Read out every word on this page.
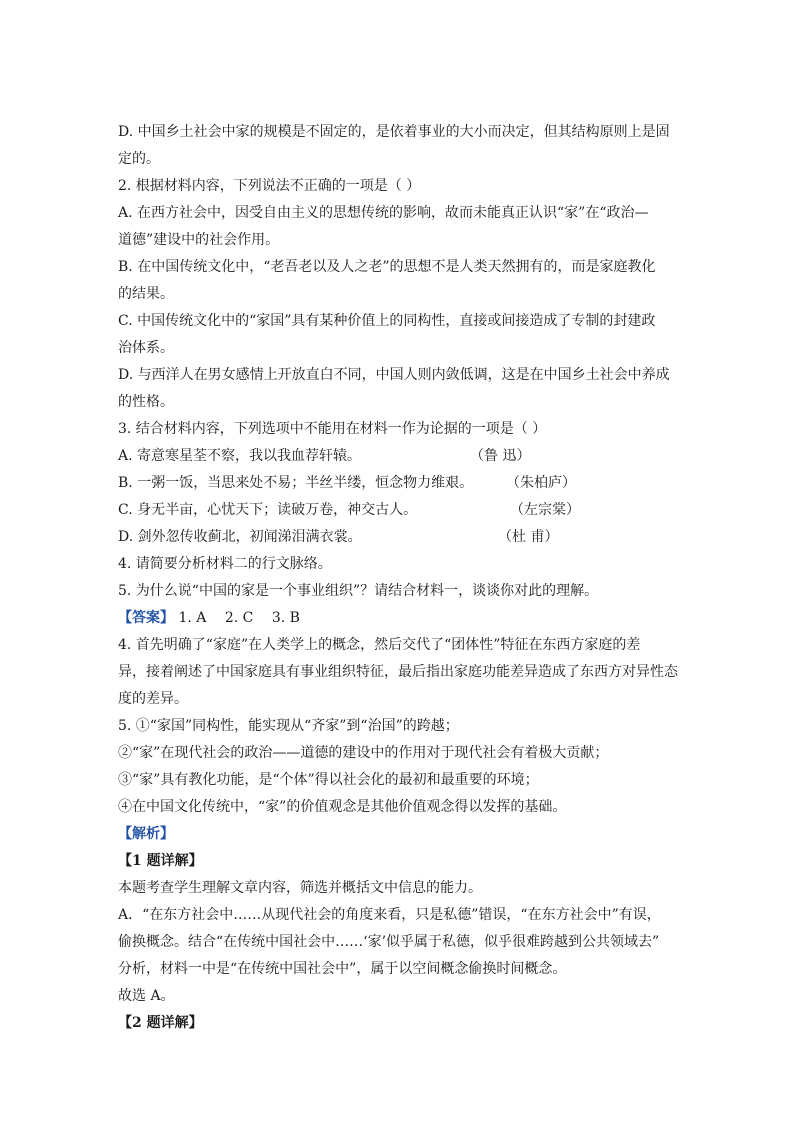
D. 中国乡土社会中家的规模是不固定的，是依着事业的大小而决定，但其结构原则上是固
定的。
2. 根据材料内容，下列说法不正确的一项是（ ）
A. 在西方社会中，因受自由主义的思想传统的影响，故而未能真正认识“家”在“政治—
道德”建设中的社会作用。
B. 在中国传统文化中，“老吾老以及人之老”的思想不是人类天然拥有的，而是家庭教化
的结果。
C. 中国传统文化中的“家国”具有某种价值上的同构性，直接或间接造成了专制的封建政
治体系。
D. 与西洋人在男女感情上开放直白不同，中国人则内敛低调，这是在中国乡土社会中养成
的性格。
3. 结合材料内容，下列选项中不能用在材料一作为论据的一项是（ ）
A. 寄意寒星荃不察，我以我血荐轩辕。	（鲁 迅）
B. 一粥一饭，当思来处不易；半丝半缕，恒念物力维艰。 （朱柏庐）
C. 身无半亩，心忧天下；读破万卷，神交古人。	（左宗棠）
D. 剑外忽传收蓟北，初闻涕泪满衣裳。	（杜 甫）
4. 请简要分析材料二的行文脉络。
5. 为什么说“中国的家是一个事业组织”？请结合材料一，谈谈你对此的理解。
【答案】 1. A 2. C 3. B
4. 首先明确了“家庭”在人类学上的概念，然后交代了“团体性”特征在东西方家庭的差
异，接着阐述了中国家庭具有事业组织特征，最后指出家庭功能差异造成了东西方对异性态
度的差异。
5. ①“家国”同构性，能实现从“齐家”到“治国”的跨越；
②“家”在现代社会的政治——道德的建设中的作用对于现代社会有着极大贡献；
③“家”具有教化功能，是“个体”得以社会化的最初和最重要的环境；
④在中国文化传统中，“家”的价值观念是其他价值观念得以发挥的基础。
【解析】
【1 题详解】
本题考查学生理解文章内容，筛选并概括文中信息的能力。
A．“在东方社会中……从现代社会的角度来看，只是私德”错误，“在东方社会中”有误，
偷换概念。结合“在传统中国社会中……‘家’似乎属于私德，似乎很难跨越到公共领域去”
分析，材料一中是“在传统中国社会中”，属于以空间概念偷换时间概念。
故选 A。
【2 题详解】
